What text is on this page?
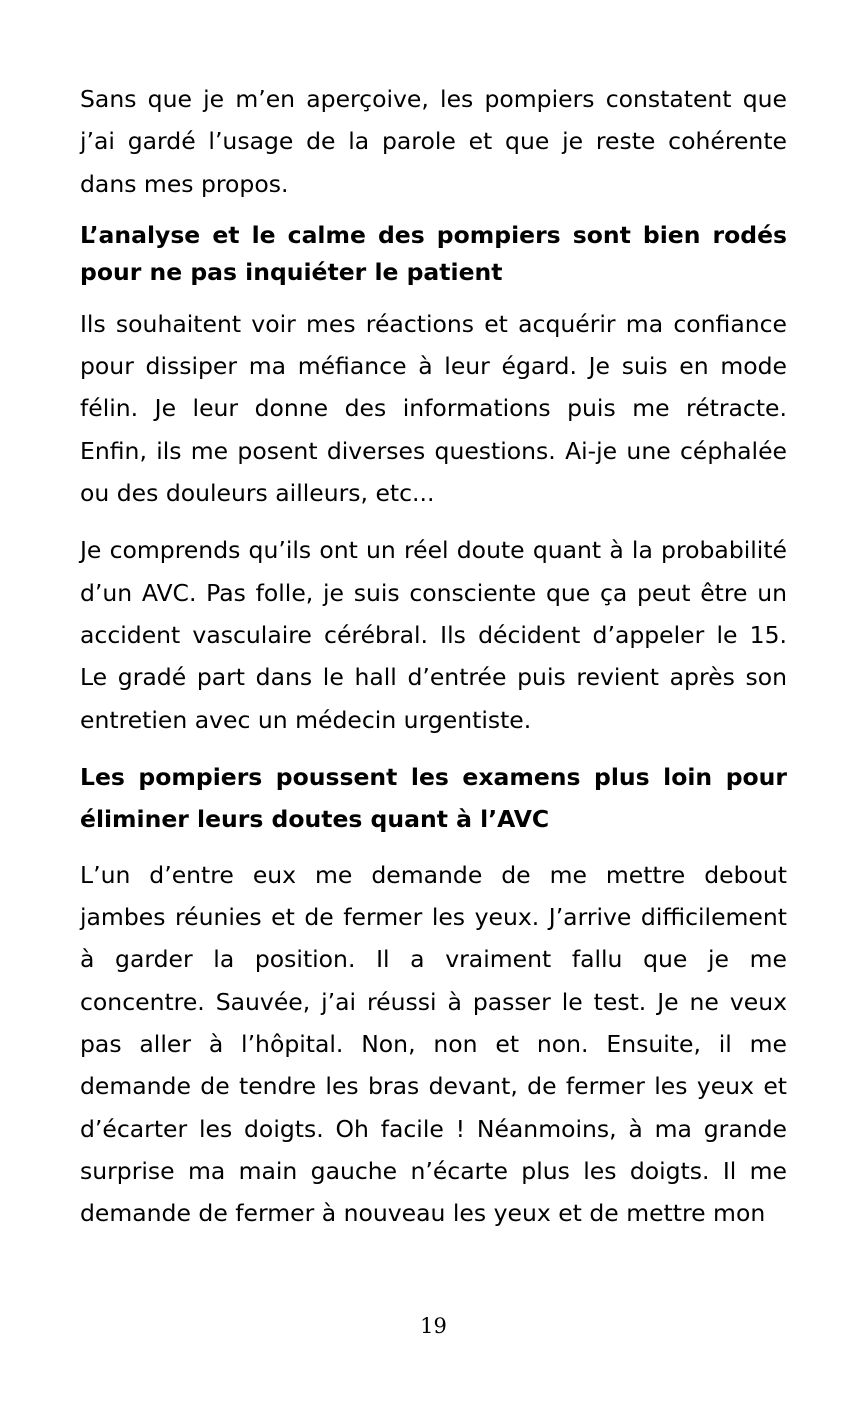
Sans que je m’en aperçoive, les pompiers constatent que j’ai gardé l’usage de la parole et que je reste cohérente dans mes propos.

L’analyse et le calme des pompiers sont bien rodés pour ne pas inquiéter le patient

Ils souhaitent voir mes réactions et acquérir ma confiance pour dissiper ma méfiance à leur égard. Je suis en mode félin. Je leur donne des informations puis me rétracte. Enfin, ils me posent diverses questions. Ai-je une céphalée ou des douleurs ailleurs, etc...

Je comprends qu’ils ont un réel doute quant à la probabilité d’un AVC. Pas folle, je suis consciente que ça peut être un accident vasculaire cérébral. Ils décident d’appeler le 15. Le gradé part dans le hall d’entrée puis revient après son entretien avec un médecin urgentiste.

Les pompiers poussent les examens plus loin pour éliminer leurs doutes quant à l’AVC

L’un d’entre eux me demande de me mettre debout jambes réunies et de fermer les yeux. J’arrive difficilement à garder la position. Il a vraiment fallu que je me concentre. Sauvée, j’ai réussi à passer le test. Je ne veux pas aller à l’hôpital. Non, non et non. Ensuite, il me demande de tendre les bras devant, de fermer les yeux et d’écarter les doigts. Oh facile ! Néanmoins, à ma grande surprise ma main gauche n’écarte plus les doigts. Il me demande de fermer à nouveau les yeux et de mettre mon

19
